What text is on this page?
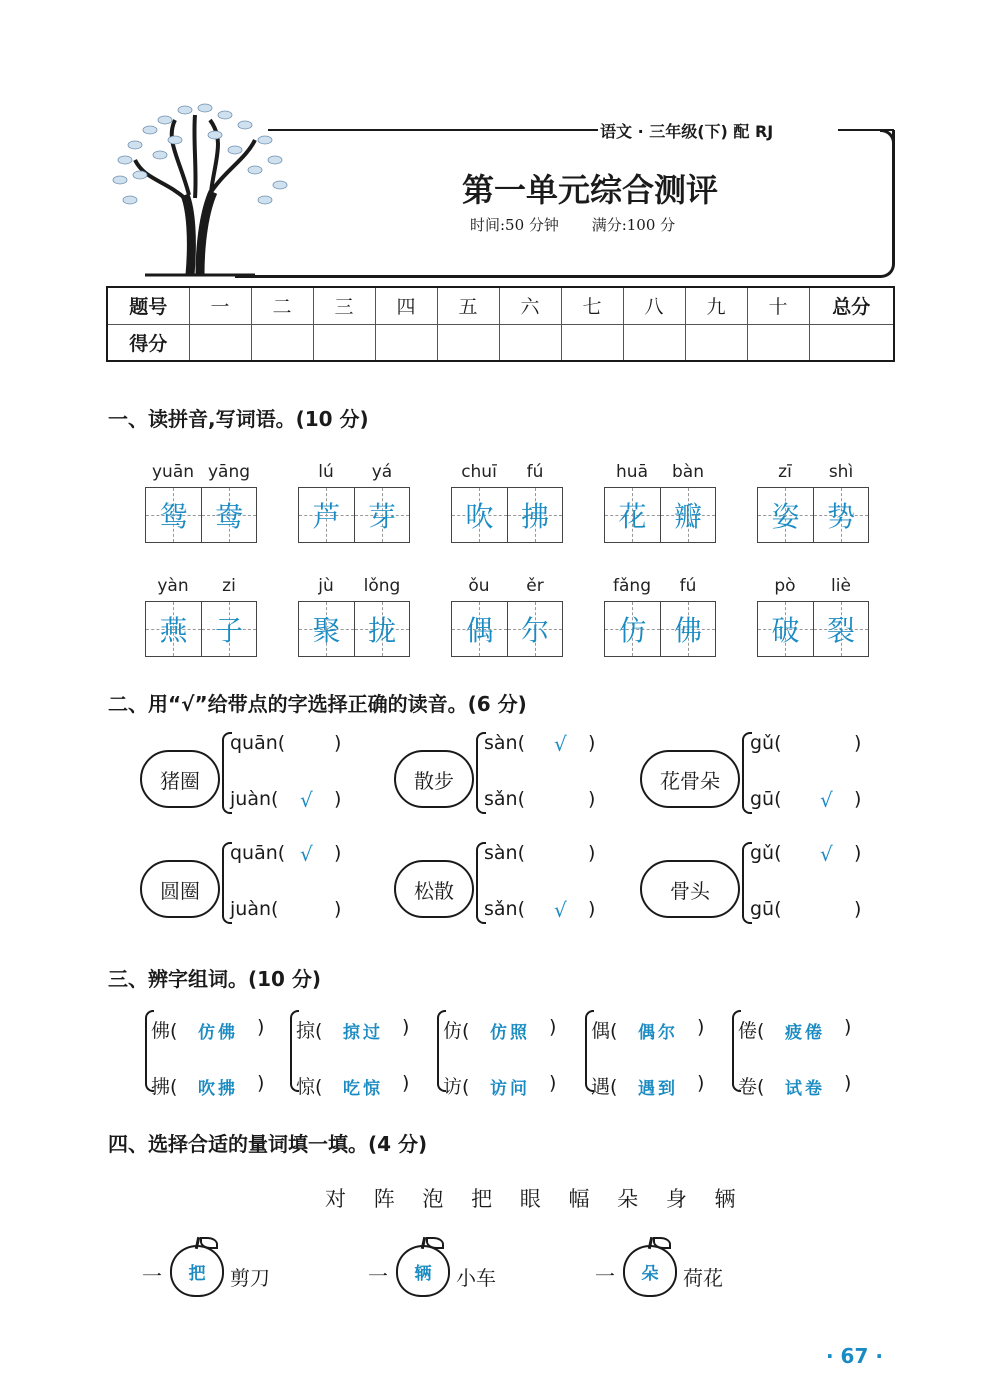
语文 · 三年级(下) 配 RJ
第一单元综合测评
时间:50 分钟 满分:100 分
题号	一	二	三	四	五	六	七	八	九	十	总分
得分											
一、读拼音,写词语。(10 分)
yuān yāng
鸳 鸯
lú	yá
芦 芽
chuī	fú
吹 拂
huā	bàn
花 瓣
zī	shì
姿 势
yàn	zi
燕 子
jù	lǒng
聚 拢
ǒu	ěr
偶 尔
fǎng	fú
仿 佛
pò	liè
破 裂
二、用“√”给带点的字选择正确的读音。(6 分)
猪圈
quān(	)
juàn( √ )
散步
sàn( √ )
sǎn(	)
花骨朵
gǔ(	)
gū( √ )
圆圈
quān( √ )
juàn(	)
松散
sàn(	)
sǎn( √ )
骨头
gǔ( √ )
gū(	)
三、辨字组词。(10 分)
佛( 仿佛 )
拂( 吹拂 )
掠( 掠过 )
惊( 吃惊 )
仿( 仿照 )
访( 访问 )
偶( 偶尔 )
遇( 遇到 )
倦( 疲倦 )
卷( 试卷 )
四、选择合适的量词填一填。(4 分)
对 阵 泡 把 眼 幅 朵 身 辆
一	把	剪刀	一	辆	小车	一	朵	荷花
· 67 ·
